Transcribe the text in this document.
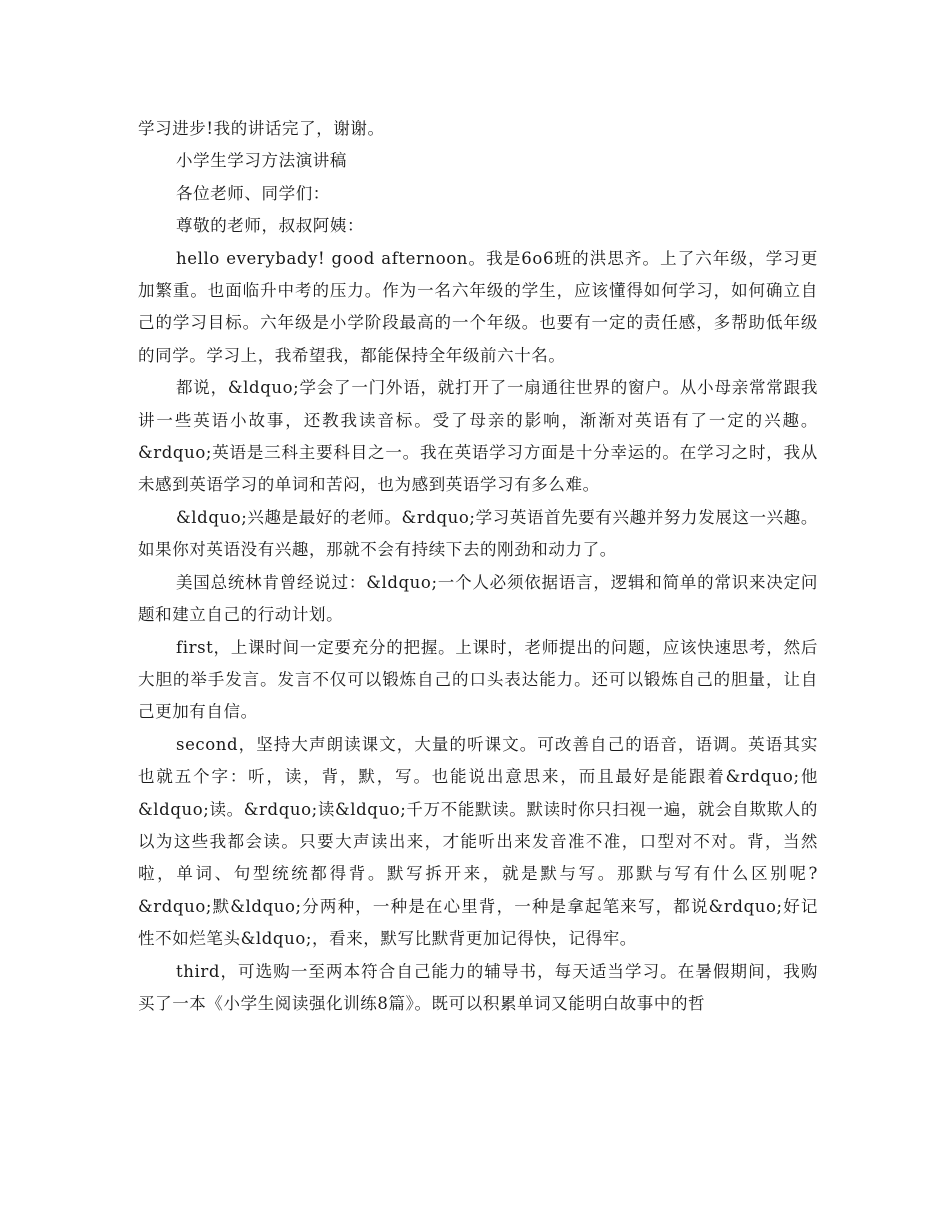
学习进步!我的讲话完了，谢谢。

小学生学习方法演讲稿

各位老师、同学们：

尊敬的老师，叔叔阿姨：

hello everybady! good afternoon。我是6o6班的洪思齐。上了六年级，学习更加繁重。也面临升中考的压力。作为一名六年级的学生，应该懂得如何学习，如何确立自己的学习目标。六年级是小学阶段最高的一个年级。也要有一定的责任感，多帮助低年级的同学。学习上，我希望我，都能保持全年级前六十名。

都说，&ldquo;学会了一门外语，就打开了一扇通往世界的窗户。从小母亲常常跟我讲一些英语小故事，还教我读音标。受了母亲的影响，渐渐对英语有了一定的兴趣。&rdquo;英语是三科主要科目之一。我在英语学习方面是十分幸运的。在学习之时，我从未感到英语学习的单词和苦闷，也为感到英语学习有多么难。

&ldquo;兴趣是最好的老师。&rdquo;学习英语首先要有兴趣并努力发展这一兴趣。如果你对英语没有兴趣，那就不会有持续下去的刚劲和动力了。

美国总统林肯曾经说过：&ldquo;一个人必须依据语言，逻辑和简单的常识来决定问题和建立自己的行动计划。

first，上课时间一定要充分的把握。上课时，老师提出的问题，应该快速思考，然后大胆的举手发言。发言不仅可以锻炼自己的口头表达能力。还可以锻炼自己的胆量，让自己更加有自信。

second，坚持大声朗读课文，大量的听课文。可改善自己的语音，语调。英语其实也就五个字：听，读，背，默，写。也能说出意思来，而且最好是能跟着&rdquo;他&ldquo;读。&rdquo;读&ldquo;千万不能默读。默读时你只扫视一遍，就会自欺欺人的以为这些我都会读。只要大声读出来，才能听出来发音准不准，口型对不对。背，当然啦，单词、句型统统都得背。默写拆开来，就是默与写。那默与写有什么区别呢?&rdquo;默&ldquo;分两种，一种是在心里背，一种是拿起笔来写，都说&rdquo;好记性不如烂笔头&ldquo;，看来，默写比默背更加记得快，记得牢。

third，可选购一至两本符合自己能力的辅导书，每天适当学习。在暑假期间，我购买了一本《小学生阅读强化训练8篇》。既可以积累单词又能明白故事中的哲
